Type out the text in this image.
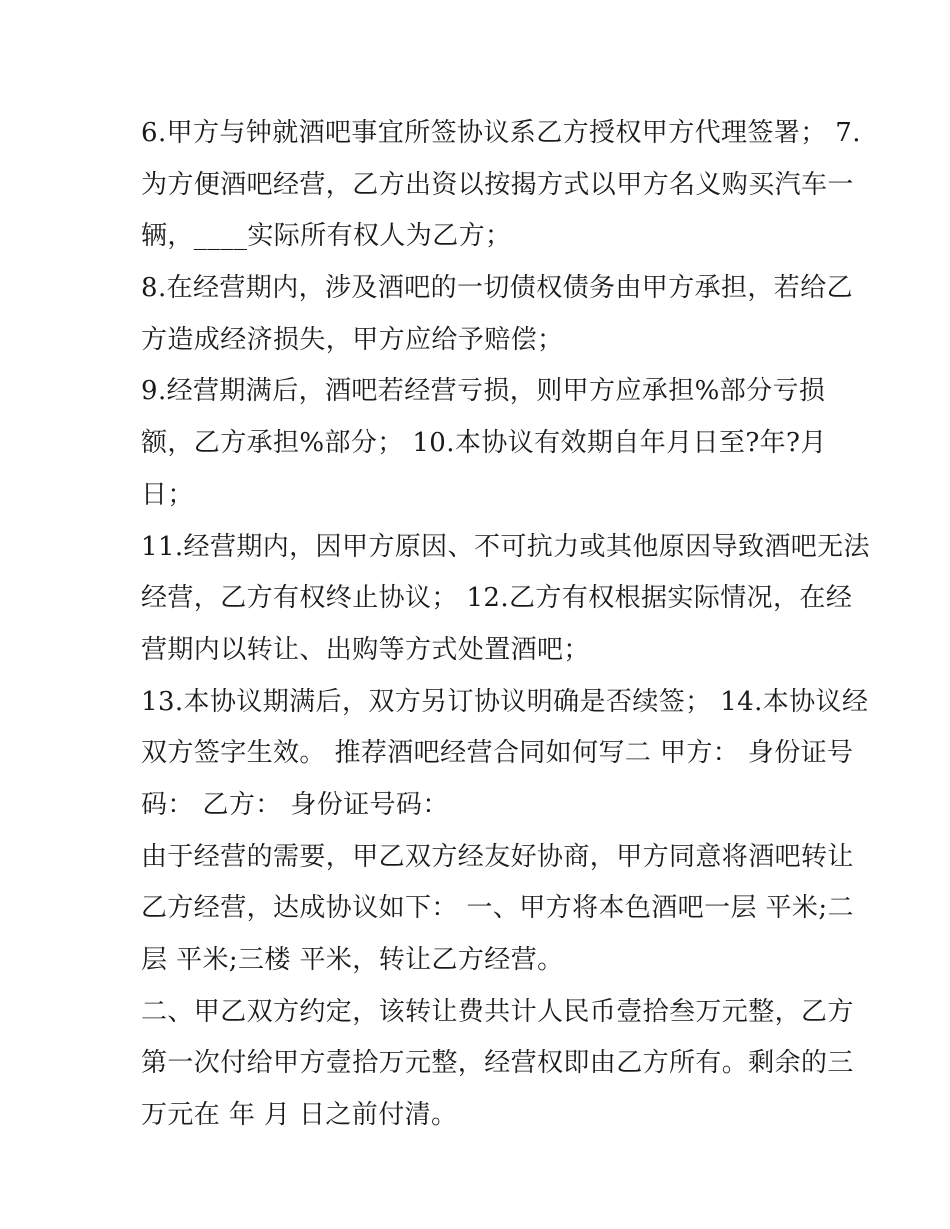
6.甲方与钟就酒吧事宜所签协议系乙方授权甲方代理签署； 7.
为方便酒吧经营，乙方出资以按揭方式以甲方名义购买汽车一
辆，____实际所有权人为乙方；
8.在经营期内，涉及酒吧的一切债权债务由甲方承担，若给乙
方造成经济损失，甲方应给予赔偿；
9.经营期满后，酒吧若经营亏损，则甲方应承担%部分亏损
额，乙方承担%部分； 10.本协议有效期自年月日至?年?月
日；
11.经营期内，因甲方原因、不可抗力或其他原因导致酒吧无法
经营，乙方有权终止协议； 12.乙方有权根据实际情况，在经
营期内以转让、出购等方式处置酒吧；
13.本协议期满后，双方另订协议明确是否续签； 14.本协议经
双方签字生效。 推荐酒吧经营合同如何写二 甲方： 身份证号
码： 乙方： 身份证号码：
由于经营的需要，甲乙双方经友好协商，甲方同意将酒吧转让
乙方经营，达成协议如下： 一、甲方将本色酒吧一层 平米;二
层 平米;三楼 平米，转让乙方经营。
二、甲乙双方约定，该转让费共计人民币壹拾叁万元整，乙方
第一次付给甲方壹拾万元整，经营权即由乙方所有。剩余的三
万元在 年 月 日之前付清。
